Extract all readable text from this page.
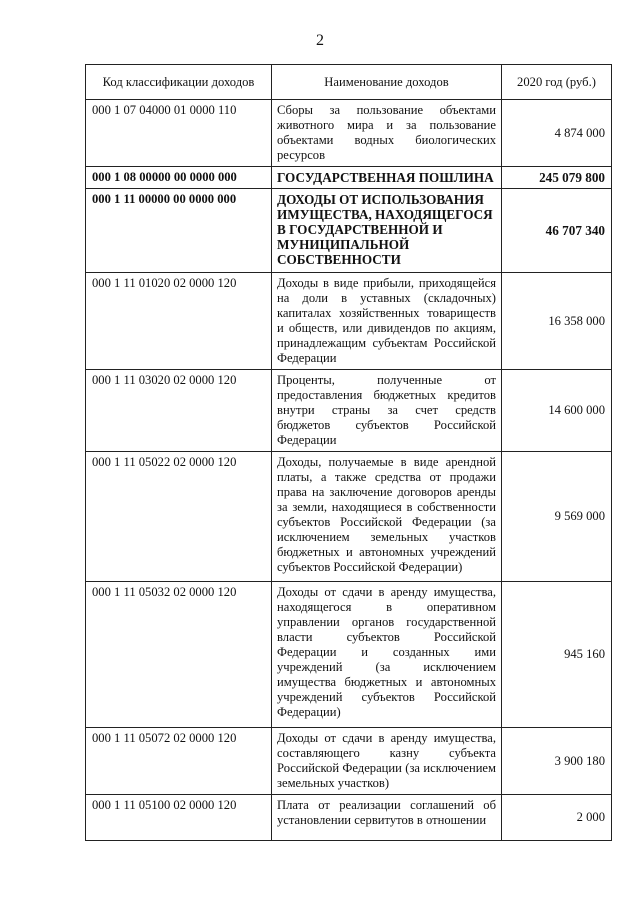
2
Код классификации доходов	Наименование доходов	2020 год (руб.)
000 1 07 04000 01 0000 110	Сборы за пользование объектами животного мира и за пользование объектами водных биологических ресурсов	4 874 000
000 1 08 00000 00 0000 000	ГОСУДАРСТВЕННАЯ ПОШЛИНА	245 079 800
000 1 11 00000 00 0000 000	ДОХОДЫ ОТ ИСПОЛЬЗОВАНИЯ ИМУЩЕСТВА, НАХОДЯЩЕГОСЯ В ГОСУДАРСТВЕННОЙ И МУНИЦИПАЛЬНОЙ СОБСТВЕННОСТИ	46 707 340
000 1 11 01020 02 0000 120	Доходы в виде прибыли, приходящейся на доли в уставных (складочных) капиталах хозяйственных товариществ и обществ, или дивидендов по акциям, принадлежащим субъектам Российской Федерации	16 358 000
000 1 11 03020 02 0000 120	Проценты, полученные от предоставления бюджетных кредитов внутри страны за счет средств бюджетов субъектов Российской Федерации	14 600 000
000 1 11 05022 02 0000 120	Доходы, получаемые в виде арендной платы, а также средства от продажи права на заключение договоров аренды за земли, находящиеся в собственности субъектов Российской Федерации (за исключением земельных участков бюджетных и автономных учреждений субъектов Российской Федерации)	9 569 000
000 1 11 05032 02 0000 120	Доходы от сдачи в аренду имущества, находящегося в оперативном управлении органов государственной власти субъектов Российской Федерации и созданных ими учреждений (за исключением имущества бюджетных и автономных учреждений субъектов Российской Федерации)	945 160
000 1 11 05072 02 0000 120	Доходы от сдачи в аренду имущества, составляющего казну субъекта Российской Федерации (за исключением земельных участков)	3 900 180
000 1 11 05100 02 0000 120	Плата от реализации соглашений об установлении сервитутов в отношении	2 000
